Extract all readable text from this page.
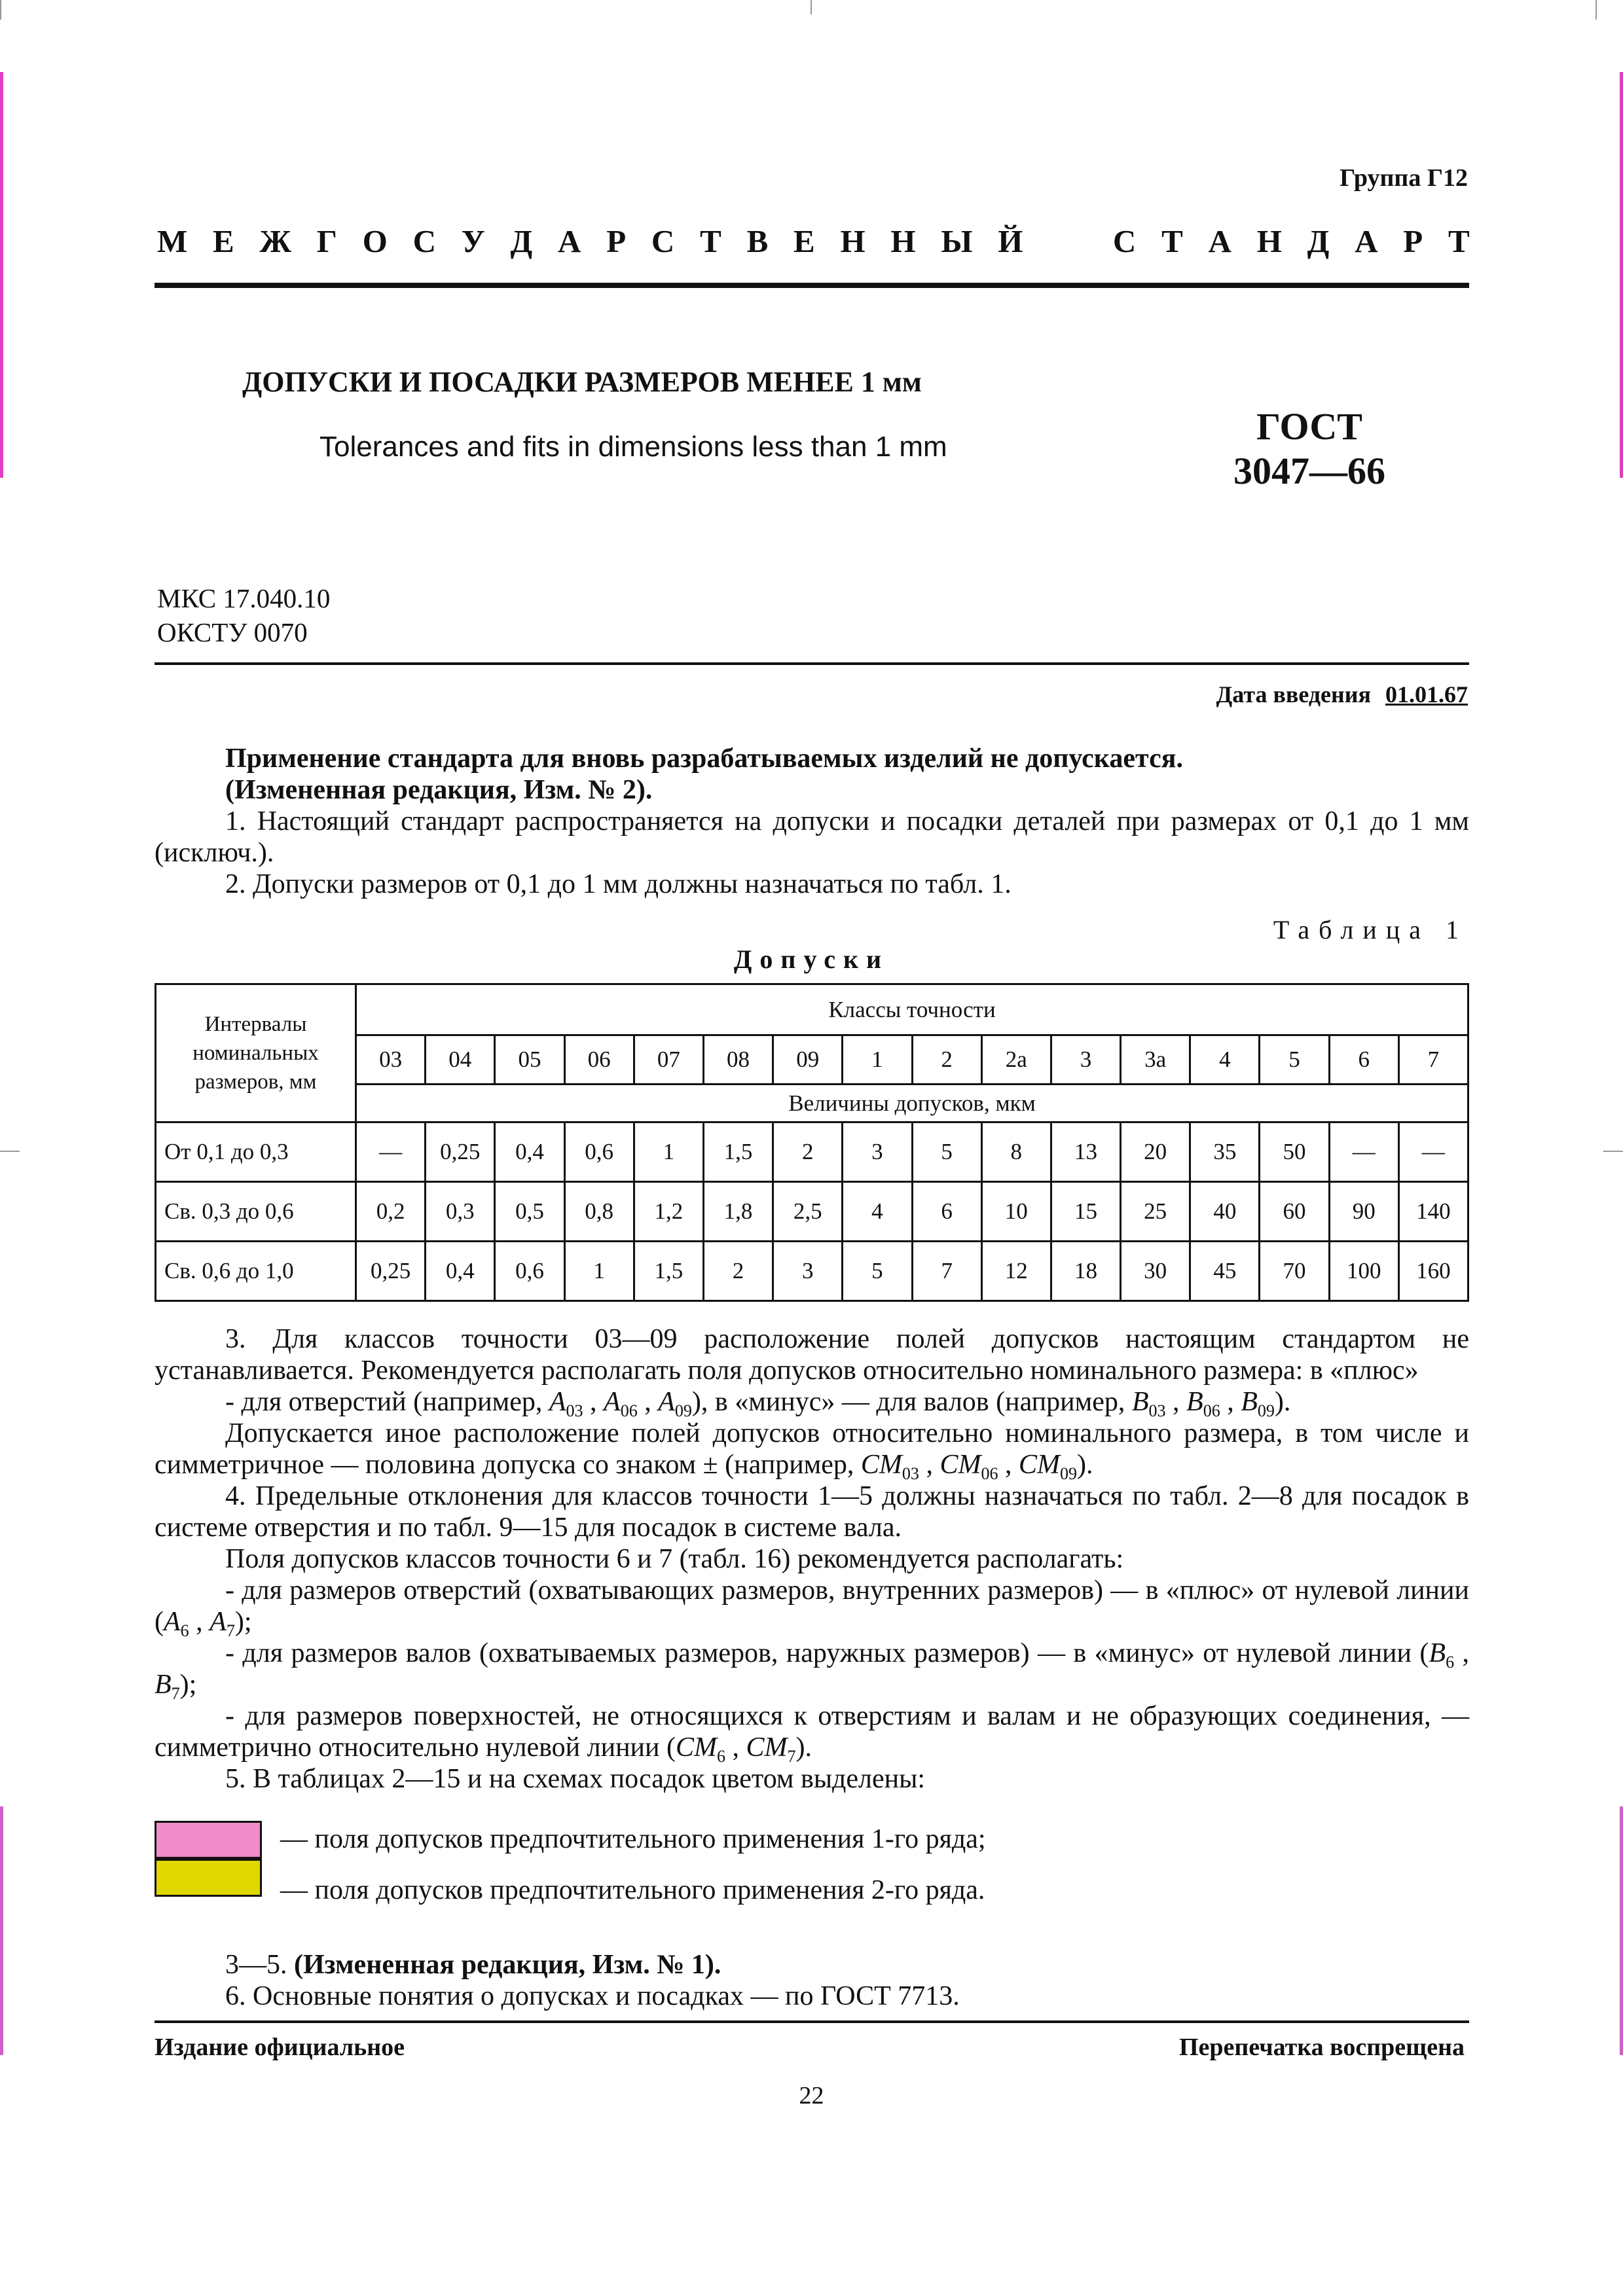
Группа Г12
М Е Ж Г О С У Д А Р С Т В Е Н Н Ы Й	С Т А Н Д А Р Т
ДОПУСКИ И ПОСАДКИ РАЗМЕРОВ МЕНЕЕ 1 мм
Tolerances and fits in dimensions less than 1 mm	ГОСТ
3047—66
МКС 17.040.10
ОКСТУ 0070
Дата введения 01.01.67
Применение стандарта для вновь разрабатываемых изделий не допускается.
(Измененная редакция, Изм. № 2).
1. Настоящий стандарт распространяется на допуски и посадки деталей при размерах от 0,1 до 1 мм (исключ.).
2. Допуски размеров от 0,1 до 1 мм должны назначаться по табл. 1.
Таблица 1
Допуски
Интервалы номинальных размеров, мм	Классы точности															
	03	04	05	06	07	08	09	1	2	2а	3	3а	4	5	6	7
	Величины допусков, мкм															
От 0,1 до 0,3	—	0,25	0,4	0,6	1	1,5	2	3	5	8	13	20	35	50	—	—
Св. 0,3 до 0,6	0,2	0,3	0,5	0,8	1,2	1,8	2,5	4	6	10	15	25	40	60	90	140
Св. 0,6 до 1,0	0,25	0,4	0,6	1	1,5	2	3	5	7	12	18	30	45	70	100	160
3. Для классов точности 03—09 расположение полей допусков настоящим стандартом не устанавливается. Рекомендуется располагать поля допусков относительно номинального размера: в «плюс»
- для отверстий (например, $A_{03}$ , $A_{06}$ , $A_{09}$), в «минус» — для валов (например, $B_{03}$ , $B_{06}$ , $B_{09}$).
Допускается иное расположение полей допусков относительно номинального размера, в том числе и симметричное — половина допуска со знаком ± (например, $CM_{03}$ , $CM_{06}$ , $CM_{09}$).
4. Предельные отклонения для классов точности 1—5 должны назначаться по табл. 2—8 для посадок в системе отверстия и по табл. 9—15 для посадок в системе вала.
Поля допусков классов точности 6 и 7 (табл. 16) рекомендуется располагать:
- для размеров отверстий (охватывающих размеров, внутренних размеров) — в «плюс» от нулевой линии ($A_6$ , $A_7$);
- для размеров валов (охватываемых размеров, наружных размеров) — в «минус» от нулевой линии ($B_6$ , $B_7$);
- для размеров поверхностей, не относящихся к отверстиям и валам и не образующих соединения, — симметрично относительно нулевой линии ($CM_6$ , $CM_7$).
5. В таблицах 2—15 и на схемах посадок цветом выделены:
— поля допусков предпочтительного применения 1-го ряда;
— поля допусков предпочтительного применения 2-го ряда.
3—5. (Измененная редакция, Изм. № 1).
6. Основные понятия о допусках и посадках — по ГОСТ 7713.
Издание официальное	Перепечатка воспрещена
22
